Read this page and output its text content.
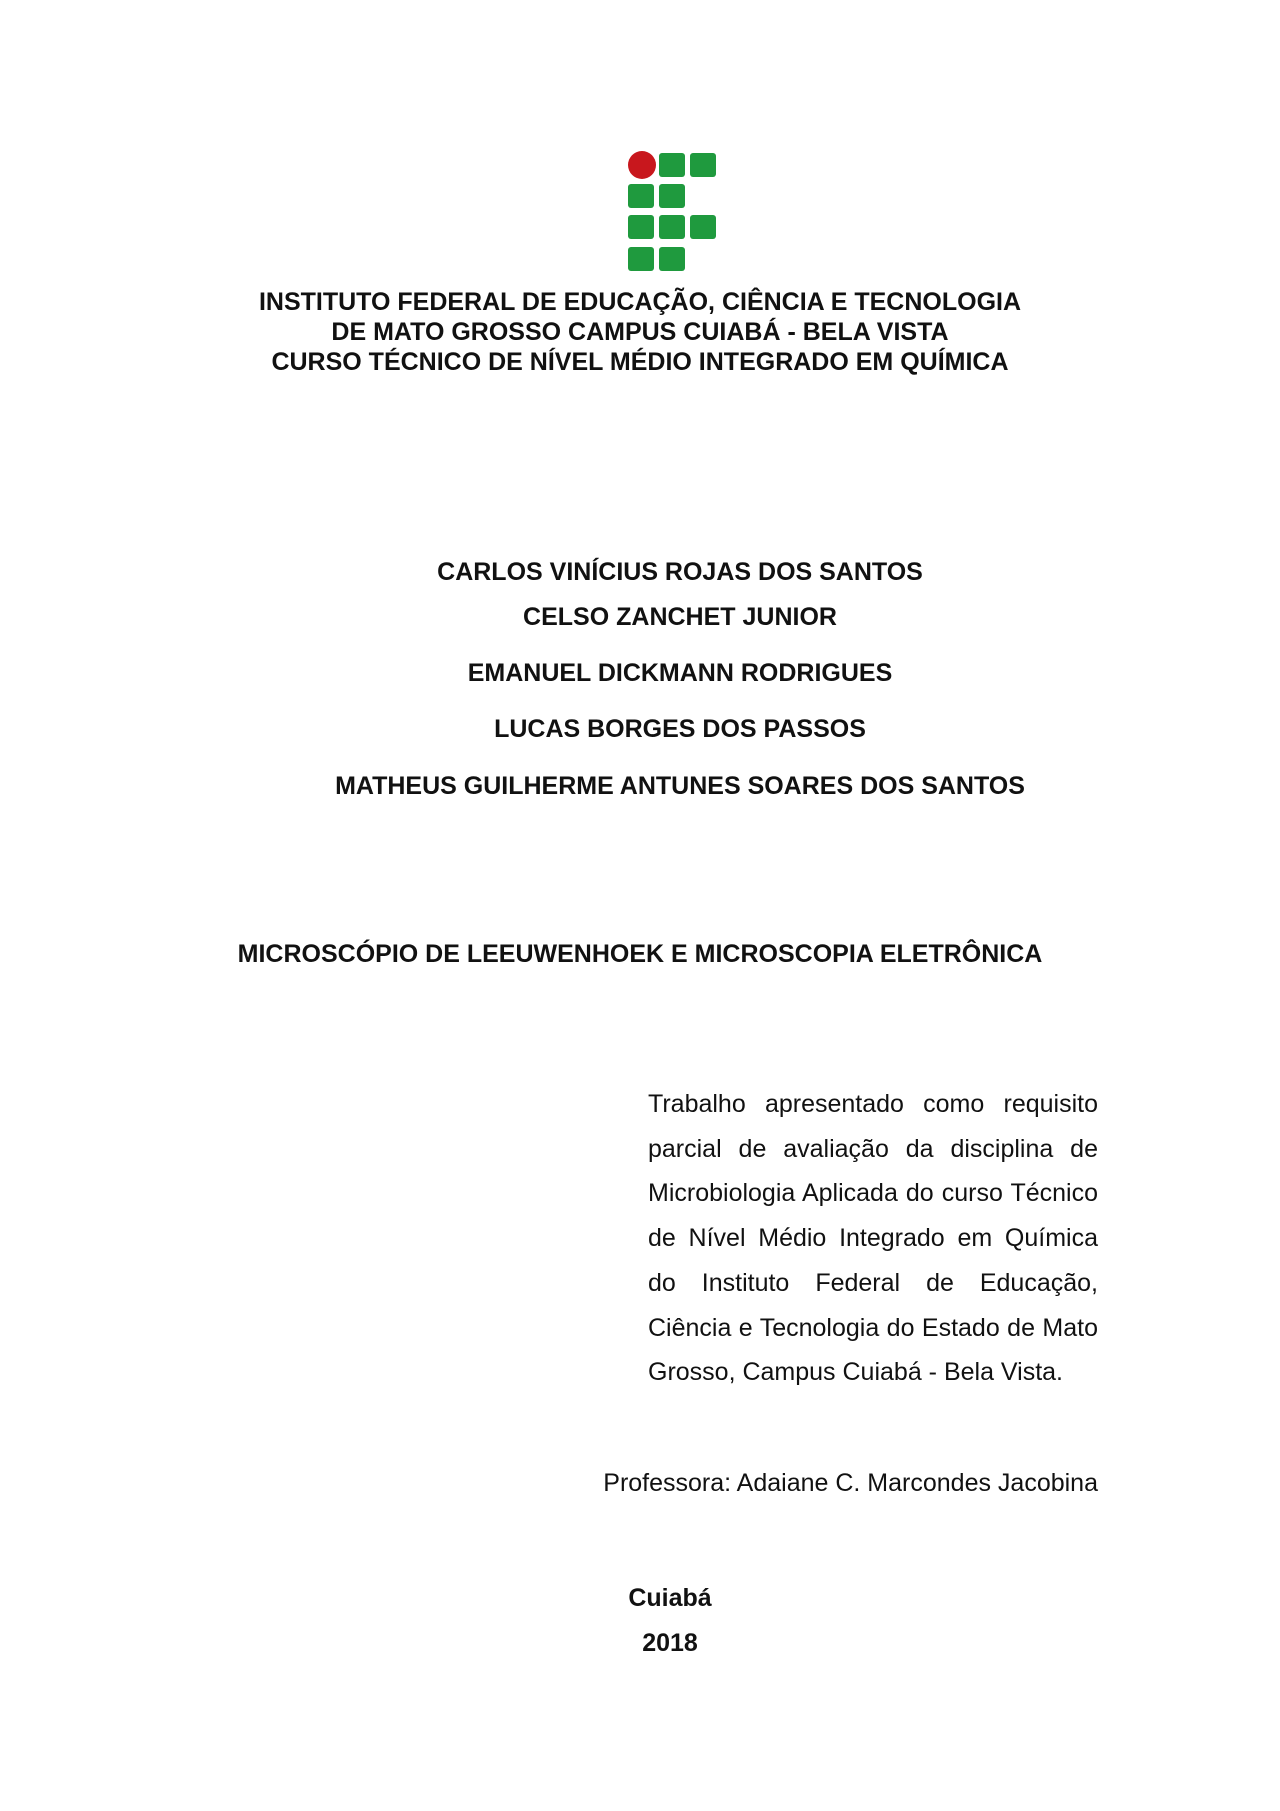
INSTITUTO FEDERAL DE EDUCAÇÃO, CIÊNCIA E TECNOLOGIA
DE MATO GROSSO CAMPUS CUIABÁ - BELA VISTA
CURSO TÉCNICO DE NÍVEL MÉDIO INTEGRADO EM QUÍMICA
CARLOS VINÍCIUS ROJAS DOS SANTOS
CELSO ZANCHET JUNIOR
EMANUEL DICKMANN RODRIGUES
LUCAS BORGES DOS PASSOS
MATHEUS GUILHERME ANTUNES SOARES DOS SANTOS
MICROSCÓPIO DE LEEUWENHOEK E MICROSCOPIA ELETRÔNICA
Trabalho apresentado como requisito parcial de avaliação da disciplina de Microbiologia Aplicada do curso Técnico de Nível Médio Integrado em Química do Instituto Federal de Educação, Ciência e Tecnologia do Estado de Mato Grosso, Campus Cuiabá - Bela Vista.
Professora: Adaiane C. Marcondes Jacobina
Cuiabá
2018
